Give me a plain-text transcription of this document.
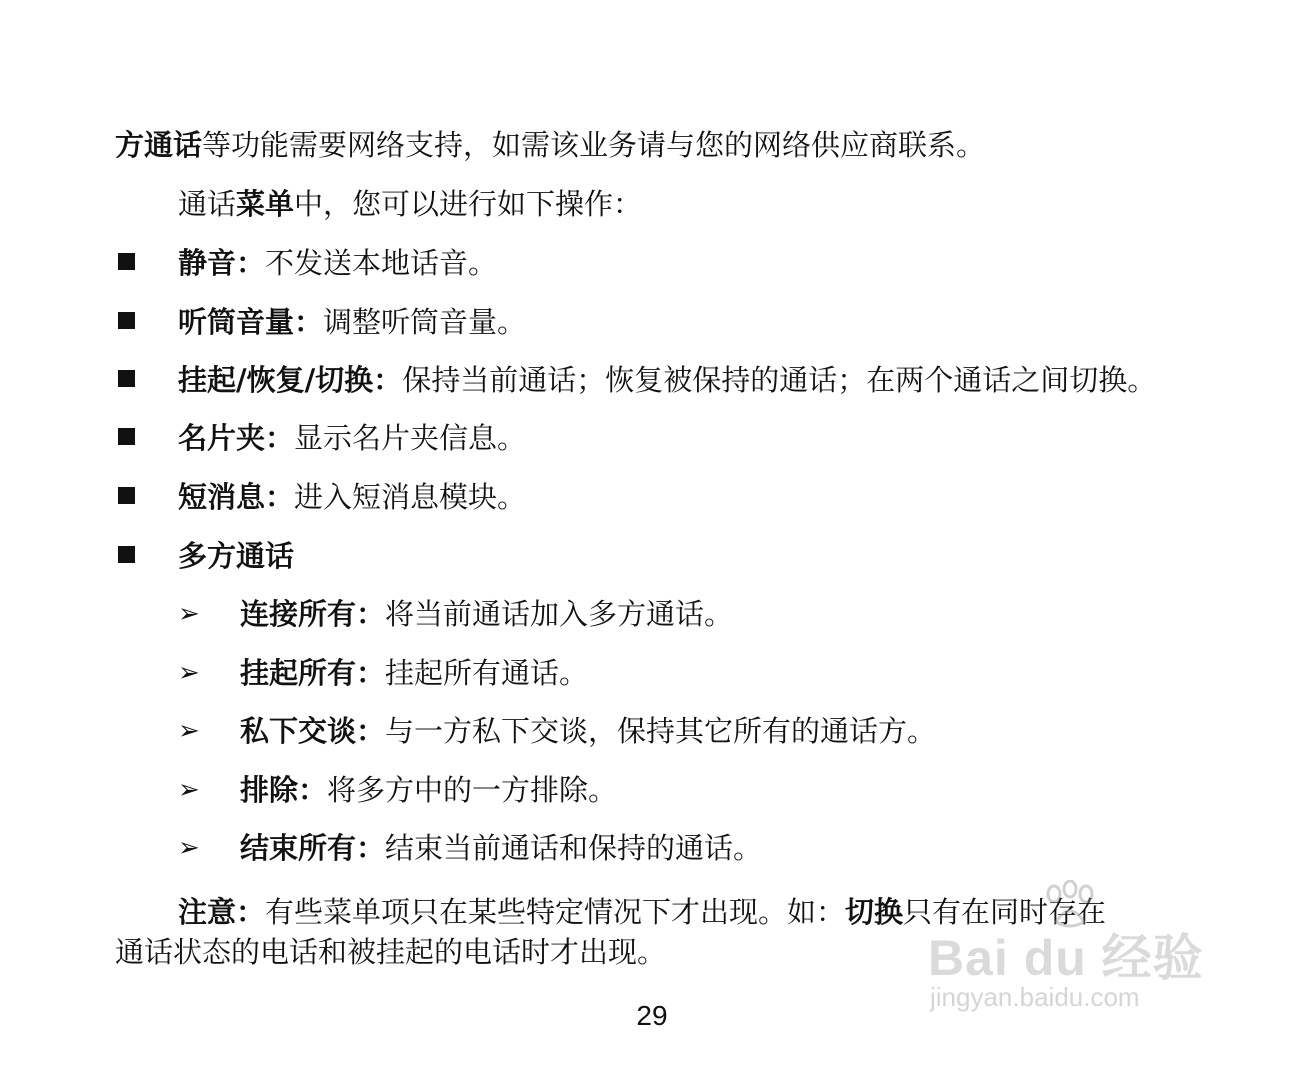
方通话等功能需要网络支持，如需该业务请与您的网络供应商联系。
通话菜单中，您可以进行如下操作：
静音：不发送本地话音。
听筒音量：调整听筒音量。
挂起/恢复/切换：保持当前通话；恢复被保持的通话；在两个通话之间切换。
名片夹：显示名片夹信息。
短消息：进入短消息模块。
多方通话
➢ 连接所有：将当前通话加入多方通话。
➢ 挂起所有：挂起所有通话。
➢ 私下交谈：与一方私下交谈，保持其它所有的通话方。
➢ 排除：将多方中的一方排除。
➢ 结束所有：结束当前通话和保持的通话。
注意：有些菜单项只在某些特定情况下才出现。如：切换只有在同时存在
通话状态的电话和被挂起的电话时才出现。
29
Bai du 经验
jingyan.baidu.com
